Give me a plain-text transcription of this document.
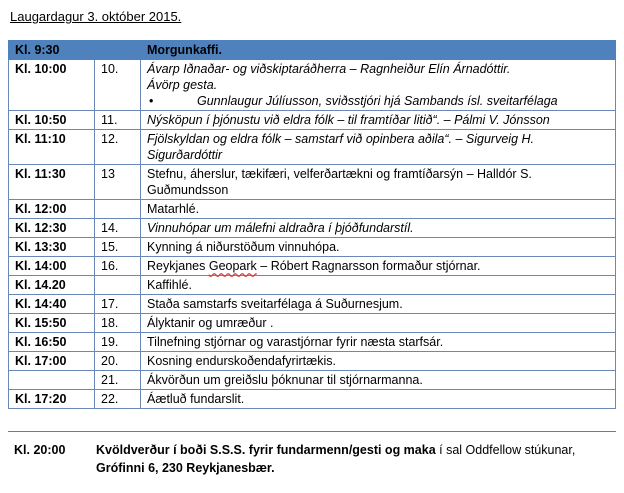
Laugardagur 3. október 2015.
Kl. 9:30		Morgunkaffi.
Kl. 10:00	10.	Ávarp Iðnaðar- og viðskiptaráðherra – Ragnheiður Elín Árnadóttir.
Ávörp gesta.
• Gunnlaugur Júlíusson, sviðsstjóri hjá Sambands ísl. sveitarfélaga

Kl. 10:50	11.	Nýsköpun í þjónustu við eldra fólk – til framtíðar litið“. – Pálmi V. Jónsson
Kl. 11:10	12.	Fjölskyldan og eldra fólk – samstarf við opinbera aðila“. – Sigurveig H. Sigurðardóttir
Kl. 11:30	13	Stefnu, áherslur, tækifæri, velferðartækni og framtíðarsýn – Halldór S. Guðmundsson
Kl. 12:00		Matarhlé.
Kl. 12:30	14.	Vinnuhópar um málefni aldraðra í þjóðfundarstíl.
Kl. 13:30	15.	Kynning á niðurstöðum vinnuhópa.
Kl. 14:00	16.	Reykjanes Geopark – Róbert Ragnarsson formaður stjórnar.
Kl. 14.20		Kaffihlé.
Kl. 14:40	17.	Staða samstarfs sveitarfélaga á Suðurnesjum.
Kl. 15:50	18.	Ályktanir og umræður .
Kl. 16:50	19.	Tilnefning stjórnar og varastjórnar fyrir næsta starfsár.
Kl. 17:00	20.	Kosning endurskoðendafyrirtækis.
	21.	Ákvörðun um greiðslu þóknunar til stjórnarmanna.
Kl. 17:20	22.	Áætluð fundarslit.
Kl. 20:00	Kvöldverður í boði S.S.S. fyrir fundarmenn/gesti og maka í sal Oddfellow stúkunar,
Grófinni 6, 230 Reykjanesbær.
